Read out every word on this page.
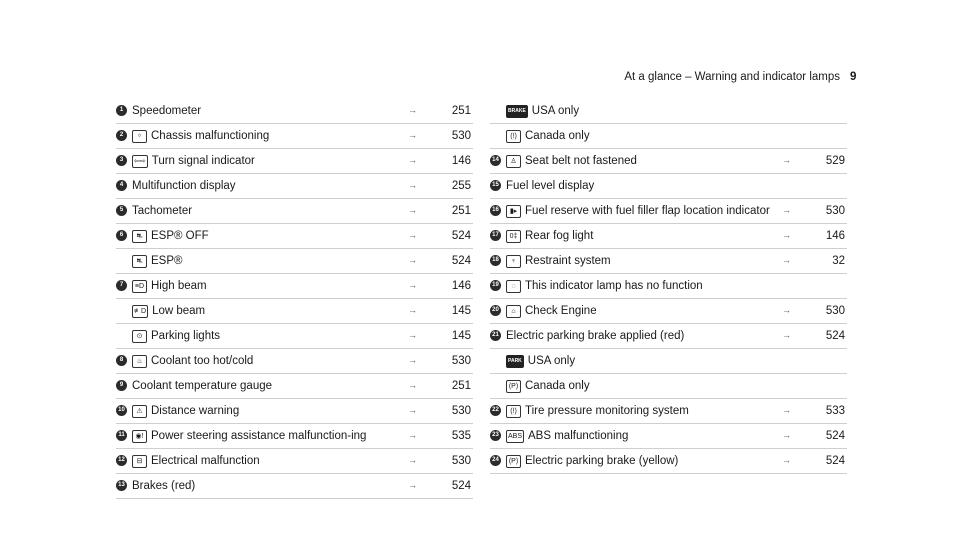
At a glance – Warning and indicator lamps 9
1 Speedometer	→	251
2	ᛜ Chassis malfunctioning	→	530
3	⇦⇨ Turn signal indicator	→	146
4 Multifunction display	→	255
5 Tachometer	→	251
6	⛐ ESP® OFF	→	524
⛐ ESP®	→	524
7	≡D High beam	→	146
≢D Low beam	→	145
⊙ Parking lights	→	145
8	♨ Coolant too hot/cold	→	530
9 Coolant temperature gauge	→	251
10	⚠ Distance warning	→	530
11	◉! Power steering assistance malfunction-ing	→	535
12	⊟ Electrical malfunction	→	530
13 Brakes (red)	→	524
BRAKE USA only
(!) Canada only
14	♙ Seat belt not fastened	→	529
15 Fuel level display
16	▮▸ Fuel reserve with fuel filler flap location indicator	→	530
17	0‡ Rear fog light	→	146
18	♆ Restraint system	→	32
19	◌ This indicator lamp has no function
20	⌂ Check Engine	→	530
21 Electric parking brake applied (red)	→	524
PARK USA only
(P) Canada only
22	(!) Tire pressure monitoring system	→	533
23	ABS ABS malfunctioning	→	524
24	(P) Electric parking brake (yellow)	→	524
